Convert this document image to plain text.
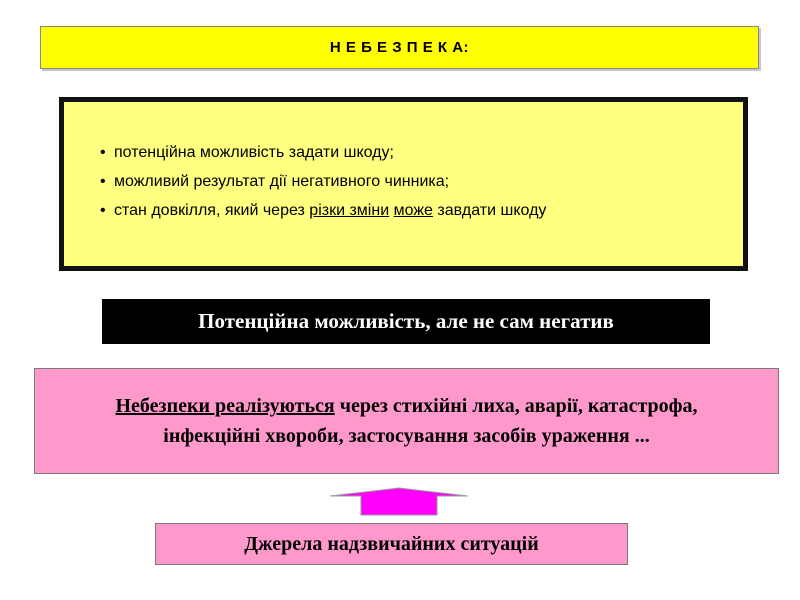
Н Е Б Е З П Е К А:
• потенційна можливість задати шкоду;
• можливий результат дії негативного чинника;
• стан довкілля, який через різки зміни може завдати шкоду
Потенційна можливість, але не сам негатив
Небезпеки реалізуються через стихійні лиха, аварії, катастрофа, інфекційні хвороби, застосування засобів ураження ...
Джерела надзвичайних ситуацій
